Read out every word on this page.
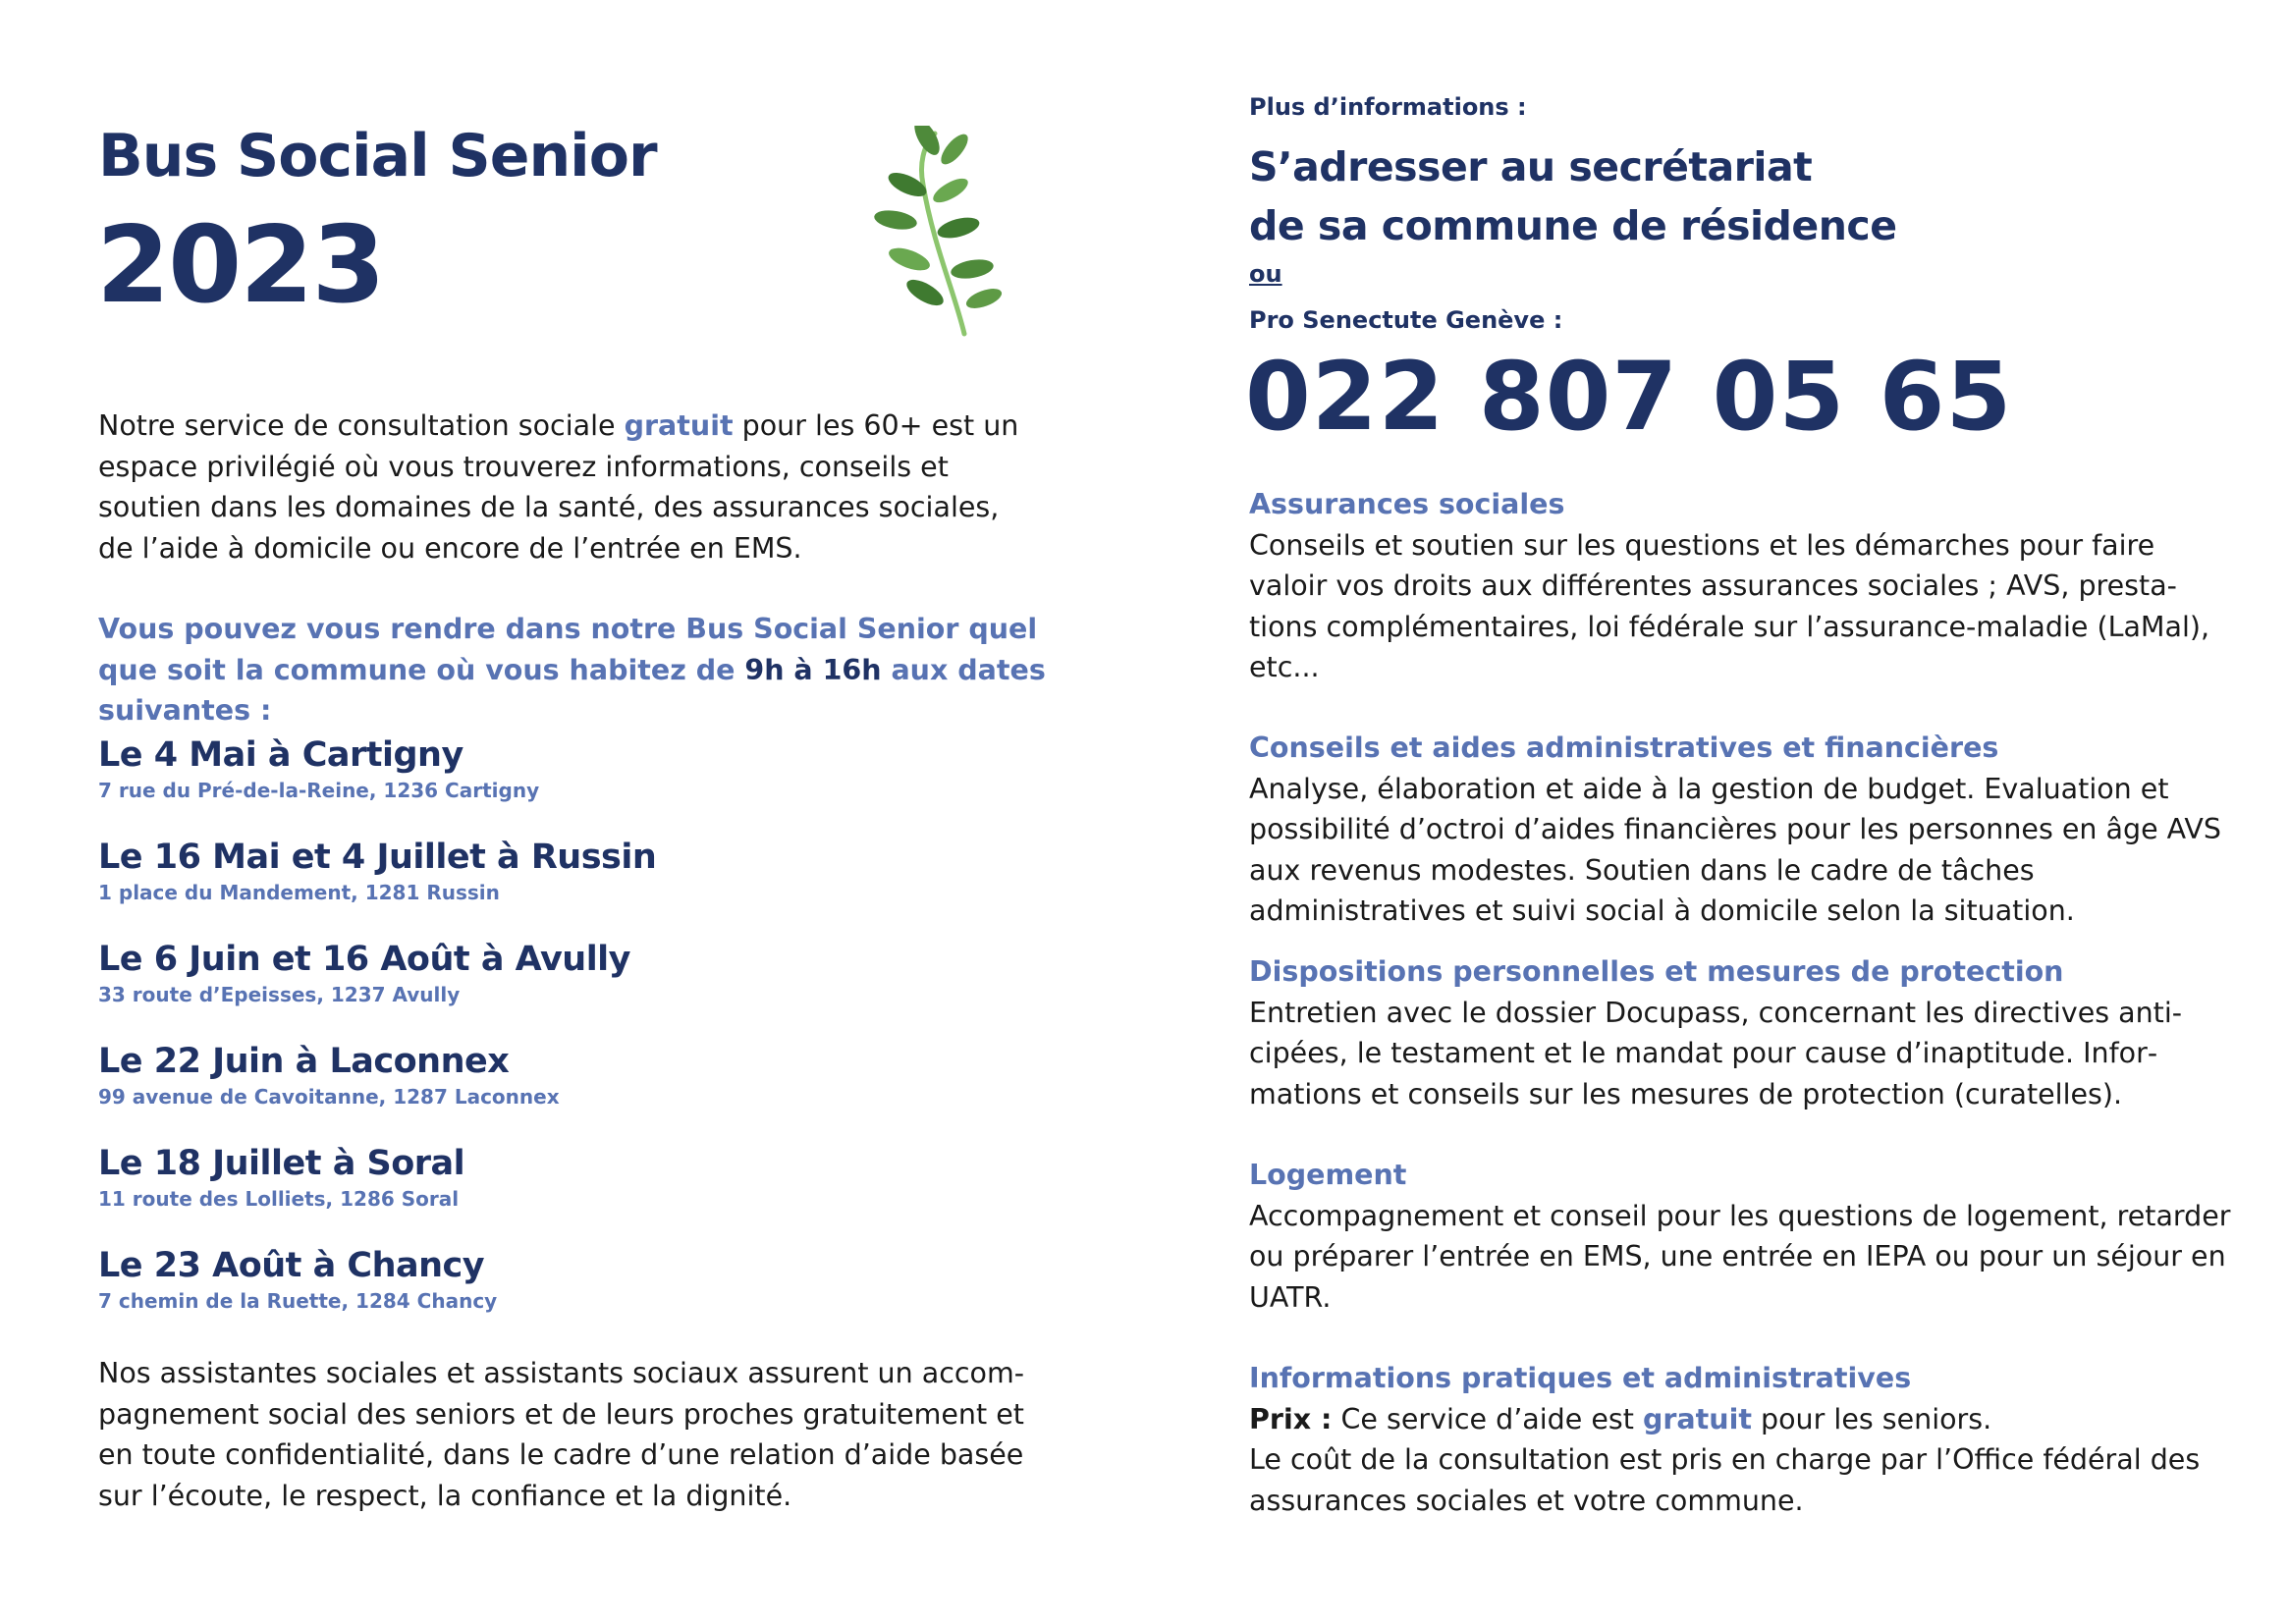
Bus Social Senior
2023

Notre service de consultation sociale gratuit pour les 60+ est un espace privilégié où vous trouverez informations, conseils et soutien dans les domaines de la santé, des assurances sociales, de l’aide à domicile ou encore de l’entrée en EMS.

Vous pouvez vous rendre dans notre Bus Social Senior quel que soit la commune où vous habitez de 9h à 16h aux dates suivantes :

Le 4 Mai à Cartigny
7 rue du Pré-de-la-Reine, 1236 Cartigny
Le 16 Mai et 4 Juillet à Russin
1 place du Mandement, 1281 Russin
Le 6 Juin et 16 Août à Avully
33 route d’Epeisses, 1237 Avully
Le 22 Juin à Laconnex
99 avenue de Cavoitanne, 1287 Laconnex
Le 18 Juillet à Soral
11 route des Lolliets, 1286 Soral
Le 23 Août à Chancy
7 chemin de la Ruette, 1284 Chancy

Nos assistantes sociales et assistants sociaux assurent un accompagnement social des seniors et de leurs proches gratuitement et en toute confidentialité, dans le cadre d’une relation d’aide basée sur l’écoute, le respect, la confiance et la dignité.

Plus d’informations :

S’adresser au secrétariat
de sa commune de résidence

ou

Pro Senectute Genève :

022 807 05 65

Assurances sociales

Conseils et soutien sur les questions et les démarches pour faire valoir vos droits aux différentes assurances sociales ; AVS, prestations complémentaires, loi fédérale sur l’assurance-maladie (LaMal), etc...

Conseils et aides administratives et financières

Analyse, élaboration et aide à la gestion de budget. Evaluation et possibilité d’octroi d’aides financières pour les personnes en âge AVS aux revenus modestes. Soutien dans le cadre de tâches administratives et suivi social à domicile selon la situation.

Dispositions personnelles et mesures de protection

Entretien avec le dossier Docupass, concernant les directives anticipées, le testament et le mandat pour cause d’inaptitude. Informations et conseils sur les mesures de protection (curatelles).

Logement

Accompagnement et conseil pour les questions de logement, retarder ou préparer l’entrée en EMS, une entrée en IEPA ou pour un séjour en UATR.

Informations pratiques et administratives

Prix : Ce service d’aide est gratuit pour les seniors.

Le coût de la consultation est pris en charge par l’Office fédéral des assurances sociales et votre commune.
